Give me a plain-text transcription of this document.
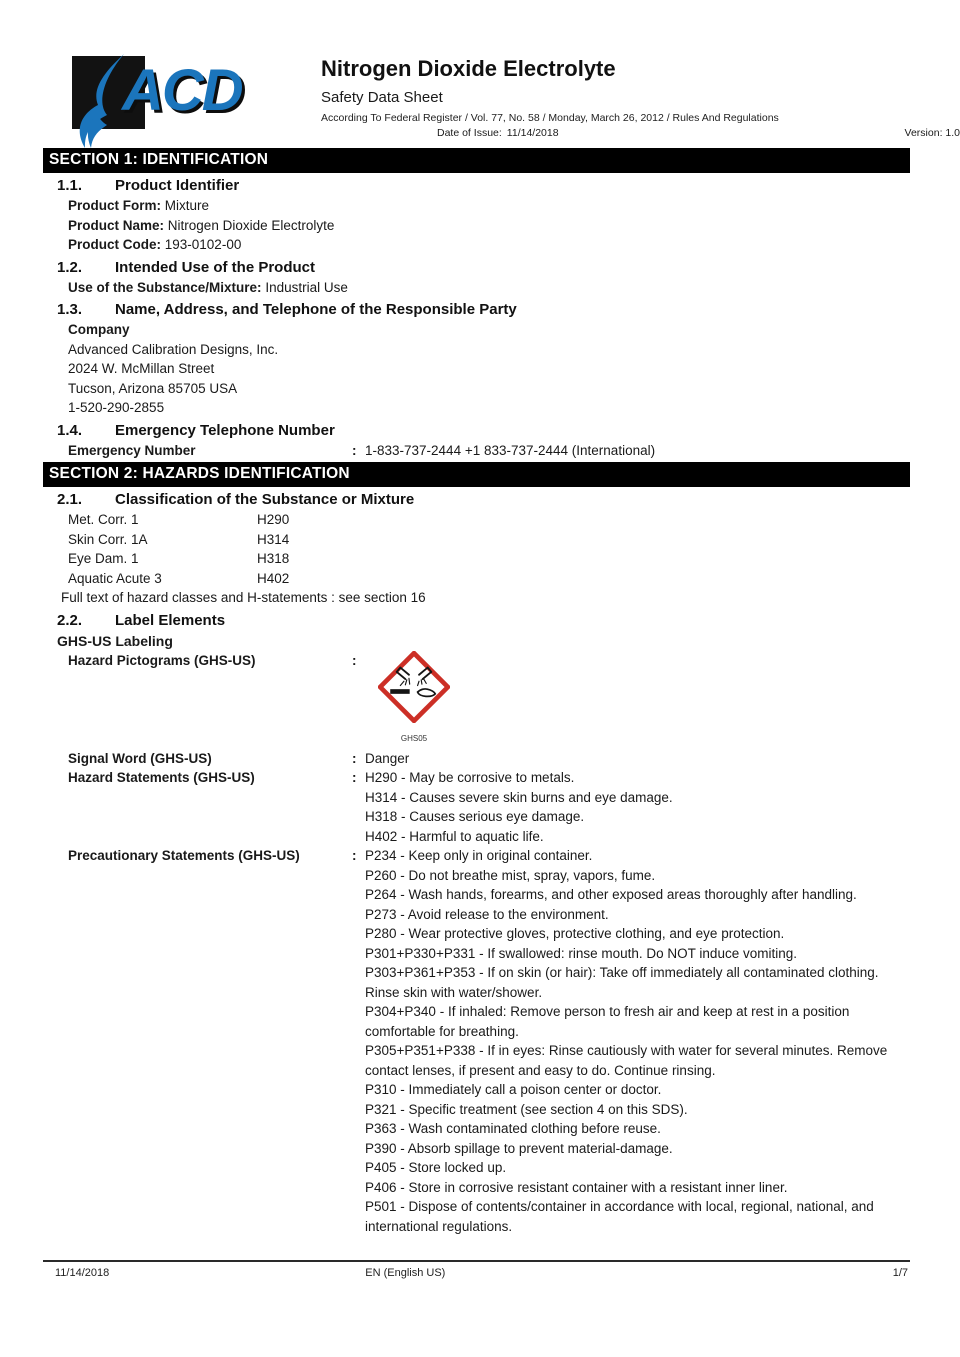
ACD	Nitrogen Dioxide Electrolyte

Safety Data Sheet

According To Federal Register / Vol. 77, No. 58 / Monday, March 26, 2012 / Rules And Regulations

Date of Issue: 11/14/2018	Version: 1.0
SECTION 1: IDENTIFICATION
1.1.	Product Identifier
Product Form: Mixture
Product Name: Nitrogen Dioxide Electrolyte
Product Code: 193-0102-00
1.2.	Intended Use of the Product
Use of the Substance/Mixture: Industrial Use
1.3.	Name, Address, and Telephone of the Responsible Party
Company
Advanced Calibration Designs, Inc.
2024 W. McMillan Street
Tucson, Arizona 85705 USA
1-520-290-2855
1.4.	Emergency Telephone Number
Emergency Number	: 1-833-737-2444 +1 833-737-2444 (International)
SECTION 2: HAZARDS IDENTIFICATION
2.1.	Classification of the Substance or Mixture
Met. Corr. 1	H290
Skin Corr. 1A	H314
Eye Dam. 1	H318
Aquatic Acute 3	H402
Full text of hazard classes and H-statements : see section 16
2.2.	Label Elements
GHS-US Labeling
Hazard Pictograms (GHS-US)	:
GHS05
Signal Word (GHS-US)	: Danger
Hazard Statements (GHS-US)	: H290 - May be corrosive to metals.
H314 - Causes severe skin burns and eye damage.
H318 - Causes serious eye damage.
H402 - Harmful to aquatic life.
Precautionary Statements (GHS-US)	: P234 - Keep only in original container.
P260 - Do not breathe mist, spray, vapors, fume.
P264 - Wash hands, forearms, and other exposed areas thoroughly after handling.
P273 - Avoid release to the environment.
P280 - Wear protective gloves, protective clothing, and eye protection.
P301+P330+P331 - If swallowed: rinse mouth. Do NOT induce vomiting.
P303+P361+P353 - If on skin (or hair): Take off immediately all contaminated clothing. Rinse skin with water/shower.
P304+P340 - If inhaled: Remove person to fresh air and keep at rest in a position comfortable for breathing.
P305+P351+P338 - If in eyes: Rinse cautiously with water for several minutes. Remove contact lenses, if present and easy to do. Continue rinsing.
P310 - Immediately call a poison center or doctor.
P321 - Specific treatment (see section 4 on this SDS).
P363 - Wash contaminated clothing before reuse.
P390 - Absorb spillage to prevent material-damage.
P405 - Store locked up.
P406 - Store in corrosive resistant container with a resistant inner liner.
P501 - Dispose of contents/container in accordance with local, regional, national, and international regulations.
11/14/2018	EN (English US)	1/7
